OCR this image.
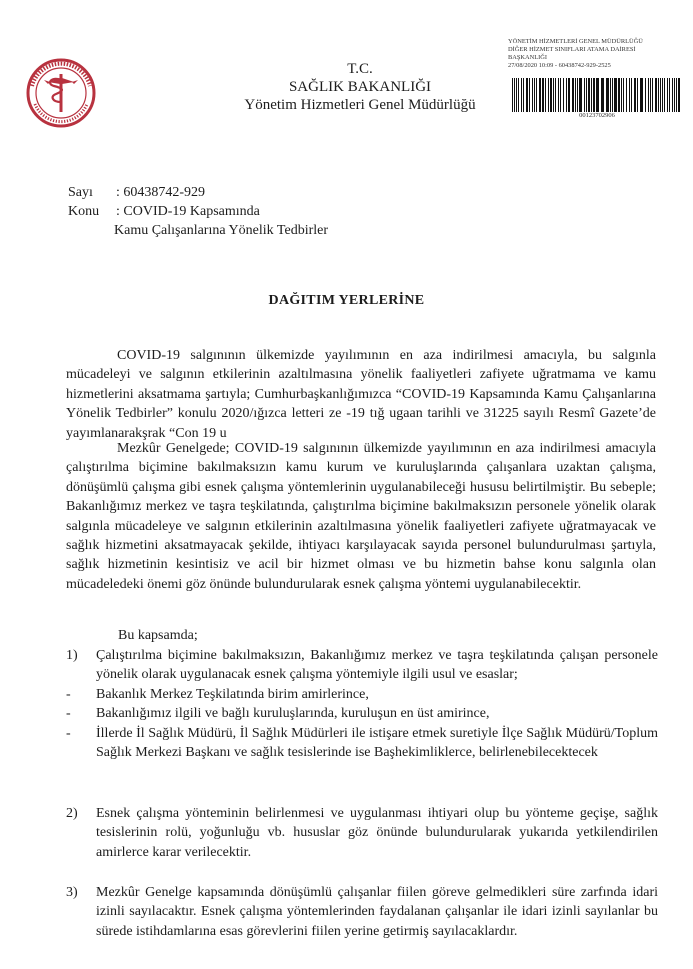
T.C.
SAĞLIK BAKANLIĞI
Yönetim Hizmetleri Genel Müdürlüğü
YÖNETİM HİZMETLERİ GENEL MÜDÜRLÜĞÜ
DİĞER HİZMET SINIFLARI ATAMA DAİRESİ
BAŞKANLIĞI
27/08/2020 10:09 - 60438742-929-2525
00123702906
Sayı : 60438742-929
Konu : COVID-19 Kapsamında
Kamu Çalışanlarına Yönelik Tedbirler
DAĞITIM YERLERİNE
COVID-19 salgınının ülkemizde yayılımının en aza indirilmesi amacıyla, bu salgınla mücadeleyi ve salgının etkilerinin azaltılmasına yönelik faaliyetleri zafiyete uğratmama ve kamu hizmetlerini aksatmama şartıyla; Cumhurbaşkanlığımızca “COVID-19 Kapsamında Kamu Çalışanlarına Yönelik Tedbirler” konulu 2020/ığızca letteri ze -19 tığ ugaan tarihli ve 31225 sayılı Resmî Gazete’de yayımlanarakşrak “Con 19 u
Mezkûr Genelgede; COVID-19 salgınının ülkemizde yayılımının en aza indirilmesi amacıyla çalıştırılma biçimine bakılmaksızın kamu kurum ve kuruluşlarında çalışanlara uzaktan çalışma, dönüşümlü çalışma gibi esnek çalışma yöntemlerinin uygulanabileceği hususu belirtilmiştir. Bu sebeple; Bakanlığımız merkez ve taşra teşkilatında, çalıştırılma biçimine bakılmaksızın personele yönelik olarak salgınla mücadeleye ve salgının etkilerinin azaltılmasına yönelik faaliyetleri zafiyete uğratmayacak ve sağlık hizmetini aksatmayacak şekilde, ihtiyacı karşılayacak sayıda personel bulundurulması şartıyla, sağlık hizmetinin kesintisiz ve acil bir hizmet olması ve bu hizmetin bahse konu salgınla olan mücadeledeki önemi göz önünde bulundurularak esnek çalışma yöntemi uygulanabilecektir.
Bu kapsamda;
1) Çalıştırılma biçimine bakılmaksızın, Bakanlığımız merkez ve taşra teşkilatında çalışan personele yönelik olarak uygulanacak esnek çalışma yöntemiyle ilgili usul ve esaslar;
- Bakanlık Merkez Teşkilatında birim amirlerince,
- Bakanlığımız ilgili ve bağlı kuruluşlarında, kuruluşun en üst amirince,
- İllerde İl Sağlık Müdürü, İl Sağlık Müdürleri ile istişare etmek suretiyle İlçe Sağlık Müdürü/Toplum Sağlık Merkezi Başkanı ve sağlık tesislerinde ise Başhekimliklerce, belirlenebilecektecek
2) Esnek çalışma yönteminin belirlenmesi ve uygulanması ihtiyari olup bu yönteme geçişe, sağlık tesislerinin rolü, yoğunluğu vb. hususlar göz önünde bulundurularak yukarıda yetkilendirilen amirlerce karar verilecektir.
3) Mezkûr Genelge kapsamında dönüşümlü çalışanlar fiilen göreve gelmedikleri süre zarfında idari izinli sayılacaktır. Esnek çalışma yöntemlerinden faydalanan çalışanlar ile idari izinli sayılanlar bu sürede istihdamlarına esas görevlerini fiilen yerine getirmiş sayılacaklardır.
